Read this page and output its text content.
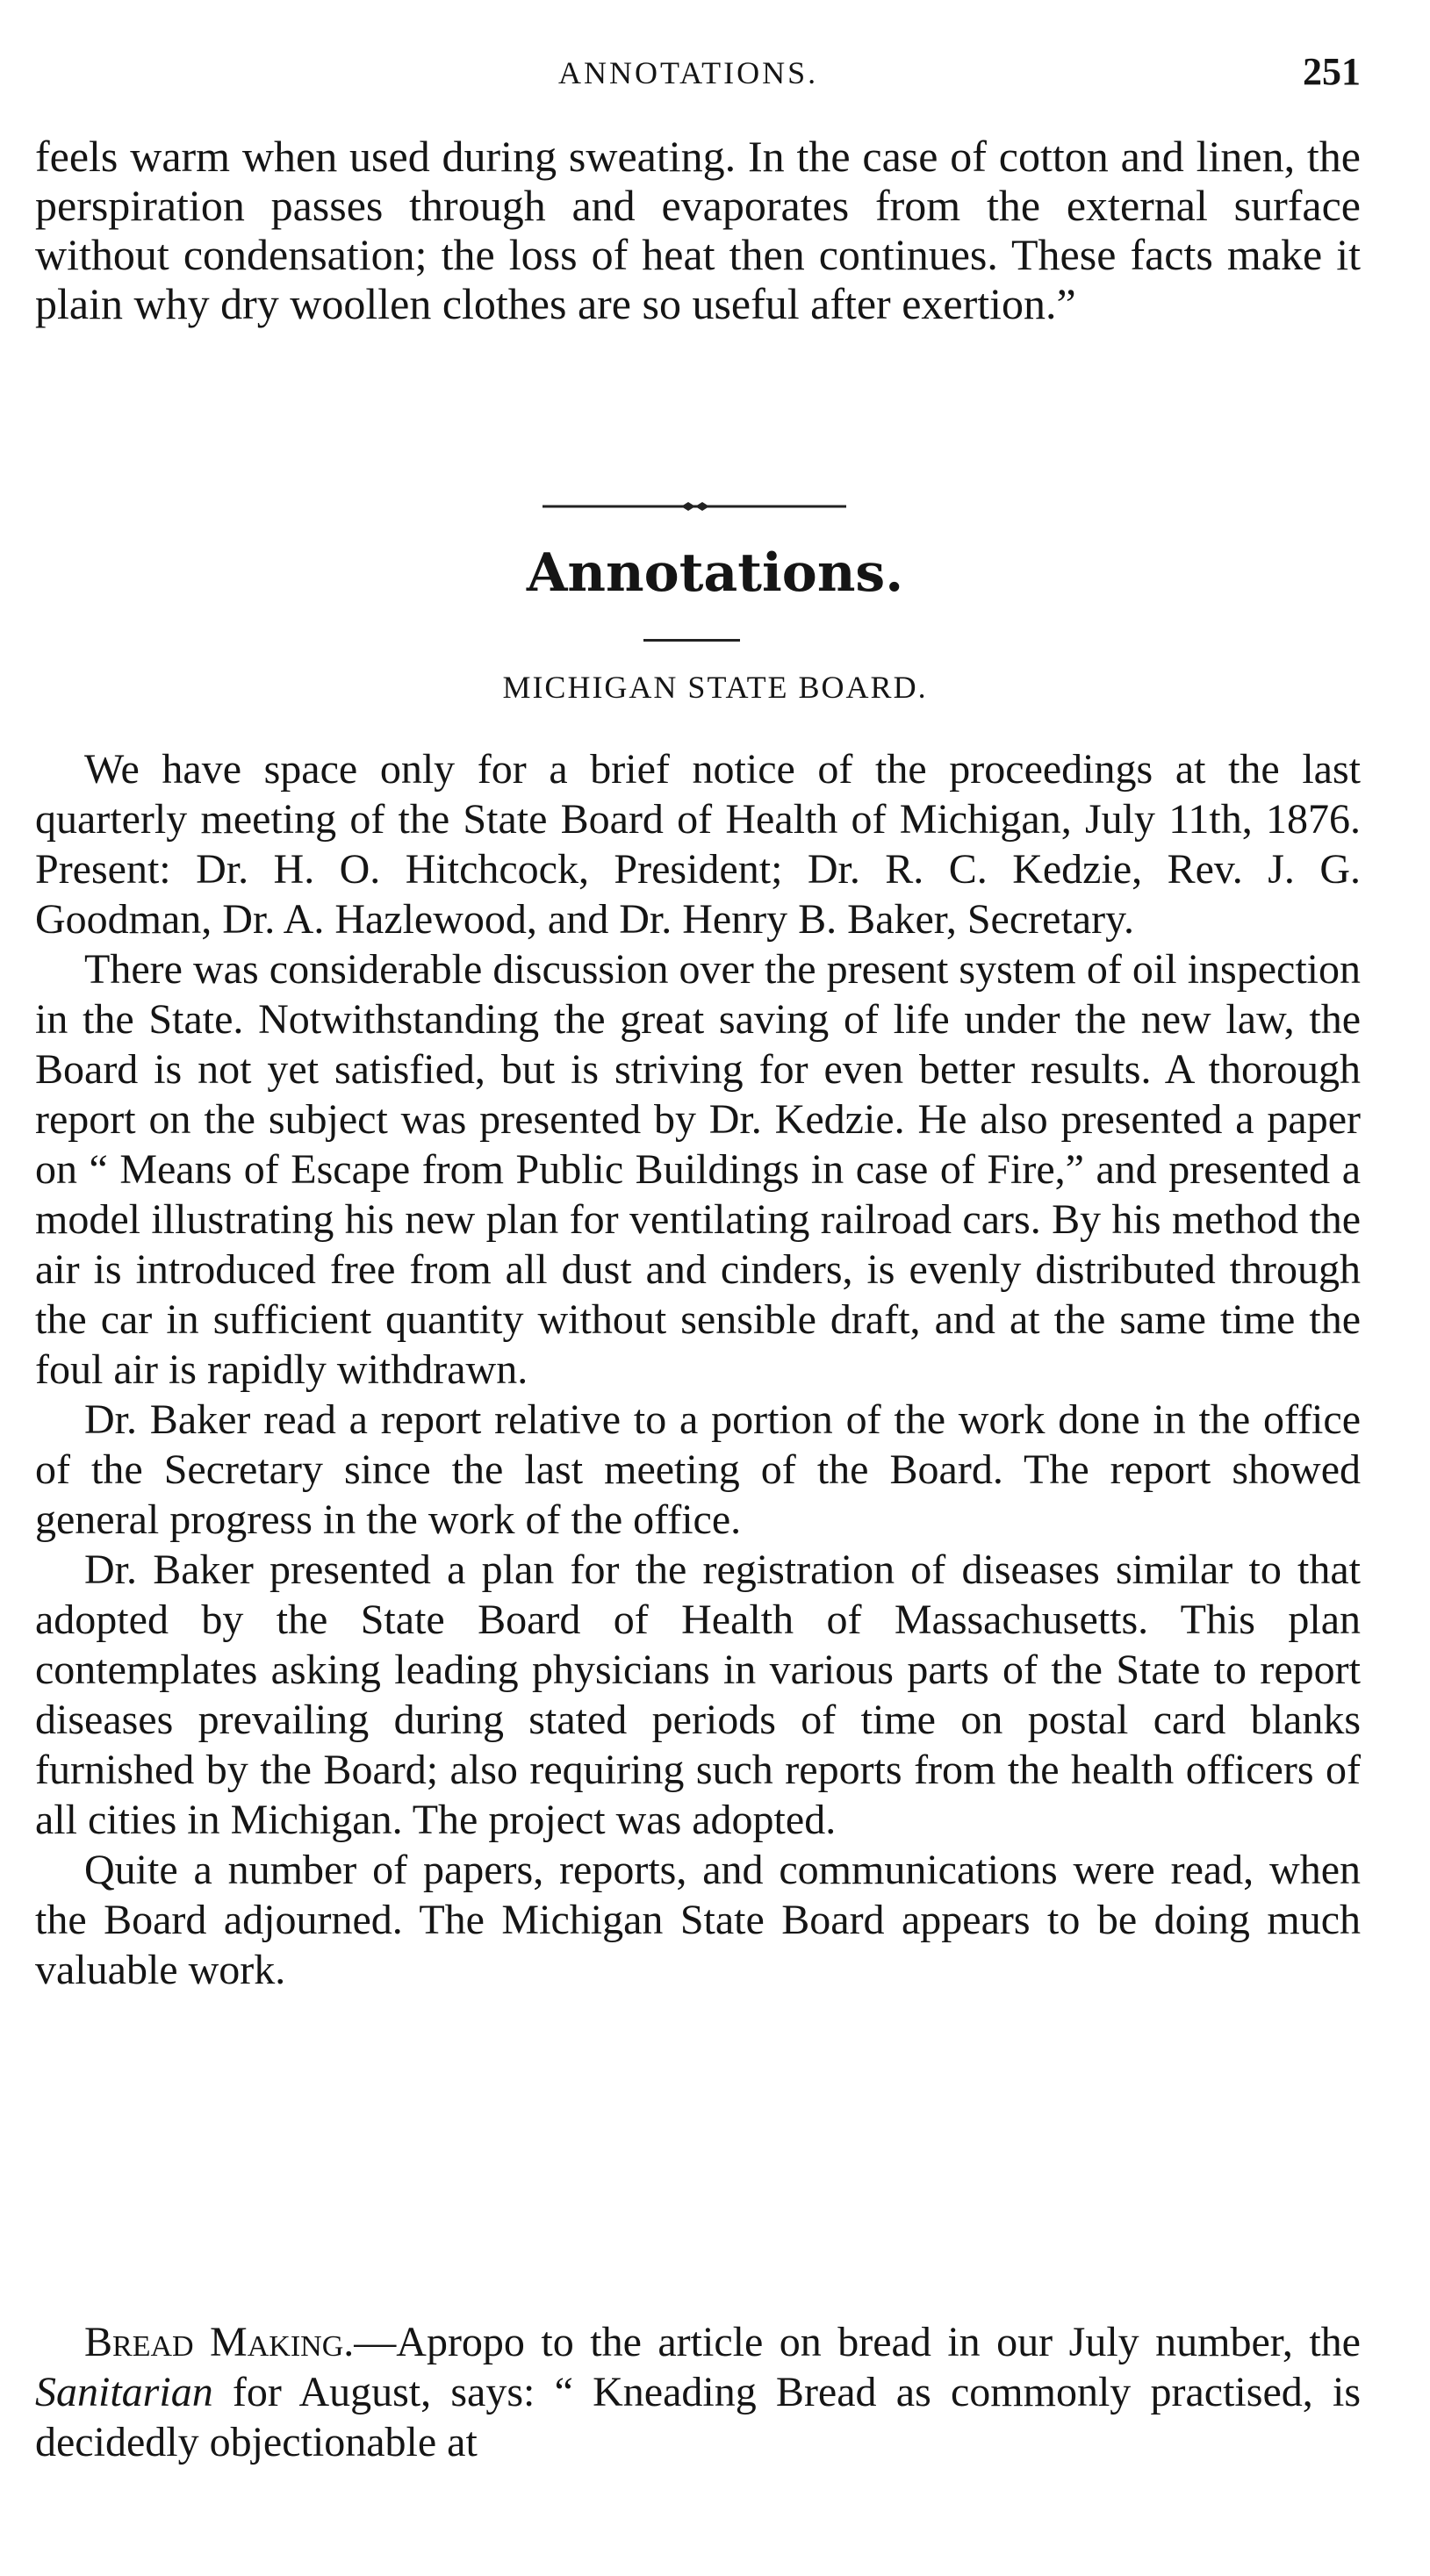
ANNOTATIONS.	251

feels warm when used during sweating. In the case of cotton and linen, the perspiration passes through and evaporates from the external surface without condensation; the loss of heat then continues. These facts make it plain why dry woollen clothes are so useful after exertion.”

Annotations.
MICHIGAN STATE BOARD.

We have space only for a brief notice of the proceedings at the last quarterly meeting of the State Board of Health of Michigan, July 11th, 1876. Present: Dr. H. O. Hitchcock, President; Dr. R. C. Kedzie, Rev. J. G. Goodman, Dr. A. Hazlewood, and Dr. Henry B. Baker, Secretary.

There was considerable discussion over the present system of oil inspection in the State. Notwithstanding the great saving of life under the new law, the Board is not yet satisfied, but is striving for even better results. A thorough report on the subject was presented by Dr. Kedzie. He also presented a paper on “ Means of Escape from Public Buildings in case of Fire,” and presented a model illustrating his new plan for ventilating railroad cars. By his method the air is introduced free from all dust and cinders, is evenly distributed through the car in sufficient quantity without sensible draft, and at the same time the foul air is rapidly withdrawn.

Dr. Baker read a report relative to a portion of the work done in the office of the Secretary since the last meeting of the Board. The report showed general progress in the work of the office.

Dr. Baker presented a plan for the registration of diseases similar to that adopted by the State Board of Health of Massachusetts. This plan contemplates asking leading physicians in various parts of the State to report diseases prevailing during stated periods of time on postal card blanks furnished by the Board; also requiring such reports from the health officers of all cities in Michigan. The project was adopted.

Quite a number of papers, reports, and communications were read, when the Board adjourned. The Michigan State Board appears to be doing much valuable work.

Bread Making.—Apropo to the article on bread in our July number, the Sanitarian for August, says: “ Kneading Bread as commonly practised, is decidedly objectionable at
